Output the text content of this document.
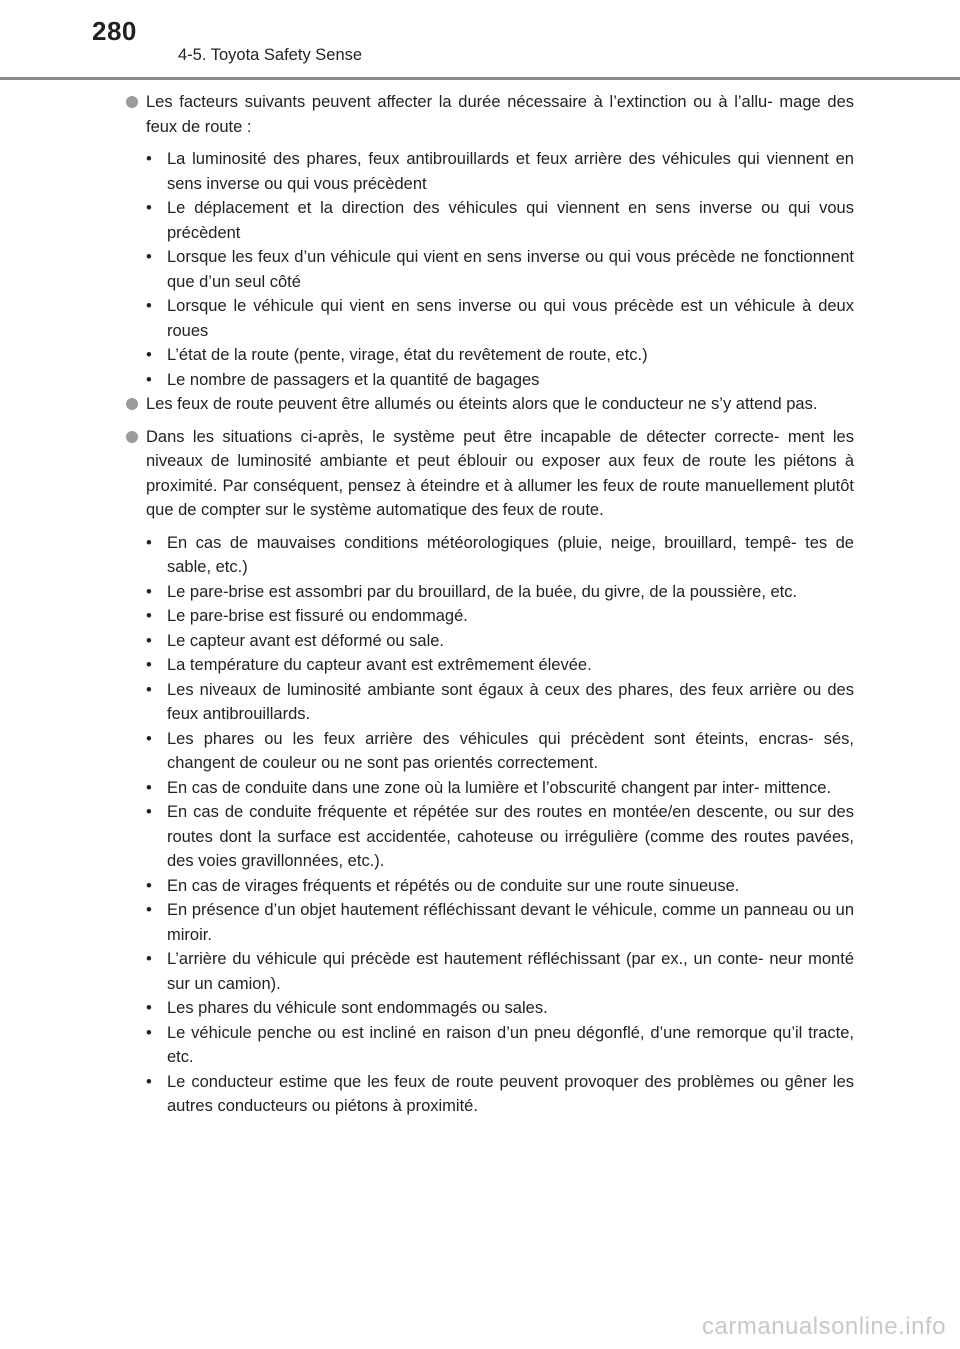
280
4-5. Toyota Safety Sense
Les facteurs suivants peuvent affecter la durée nécessaire à l’extinction ou à l’allu- mage des feux de route :
• La luminosité des phares, feux antibrouillards et feux arrière des véhicules qui viennent en sens inverse ou qui vous précèdent
• Le déplacement et la direction des véhicules qui viennent en sens inverse ou qui vous précèdent
• Lorsque les feux d’un véhicule qui vient en sens inverse ou qui vous précède ne fonctionnent que d’un seul côté
• Lorsque le véhicule qui vient en sens inverse ou qui vous précède est un véhicule à deux roues
• L’état de la route (pente, virage, état du revêtement de route, etc.)
• Le nombre de passagers et la quantité de bagages
Les feux de route peuvent être allumés ou éteints alors que le conducteur ne s’y attend pas.
Dans les situations ci-après, le système peut être incapable de détecter correcte- ment les niveaux de luminosité ambiante et peut éblouir ou exposer aux feux de route les piétons à proximité. Par conséquent, pensez à éteindre et à allumer les feux de route manuellement plutôt que de compter sur le système automatique des feux de route.
• En cas de mauvaises conditions météorologiques (pluie, neige, brouillard, tempê- tes de sable, etc.)
• Le pare-brise est assombri par du brouillard, de la buée, du givre, de la poussière, etc.
• Le pare-brise est fissuré ou endommagé.
• Le capteur avant est déformé ou sale.
• La température du capteur avant est extrêmement élevée.
• Les niveaux de luminosité ambiante sont égaux à ceux des phares, des feux arrière ou des feux antibrouillards.
• Les phares ou les feux arrière des véhicules qui précèdent sont éteints, encras- sés, changent de couleur ou ne sont pas orientés correctement.
• En cas de conduite dans une zone où la lumière et l’obscurité changent par inter- mittence.
• En cas de conduite fréquente et répétée sur des routes en montée/en descente, ou sur des routes dont la surface est accidentée, cahoteuse ou irrégulière (comme des routes pavées, des voies gravillonnées, etc.).
• En cas de virages fréquents et répétés ou de conduite sur une route sinueuse.
• En présence d’un objet hautement réfléchissant devant le véhicule, comme un panneau ou un miroir.
• L’arrière du véhicule qui précède est hautement réfléchissant (par ex., un conte- neur monté sur un camion).
• Les phares du véhicule sont endommagés ou sales.
• Le véhicule penche ou est incliné en raison d’un pneu dégonflé, d’une remorque qu’il tracte, etc.
• Le conducteur estime que les feux de route peuvent provoquer des problèmes ou gêner les autres conducteurs ou piétons à proximité.
carmanualsonline.info
